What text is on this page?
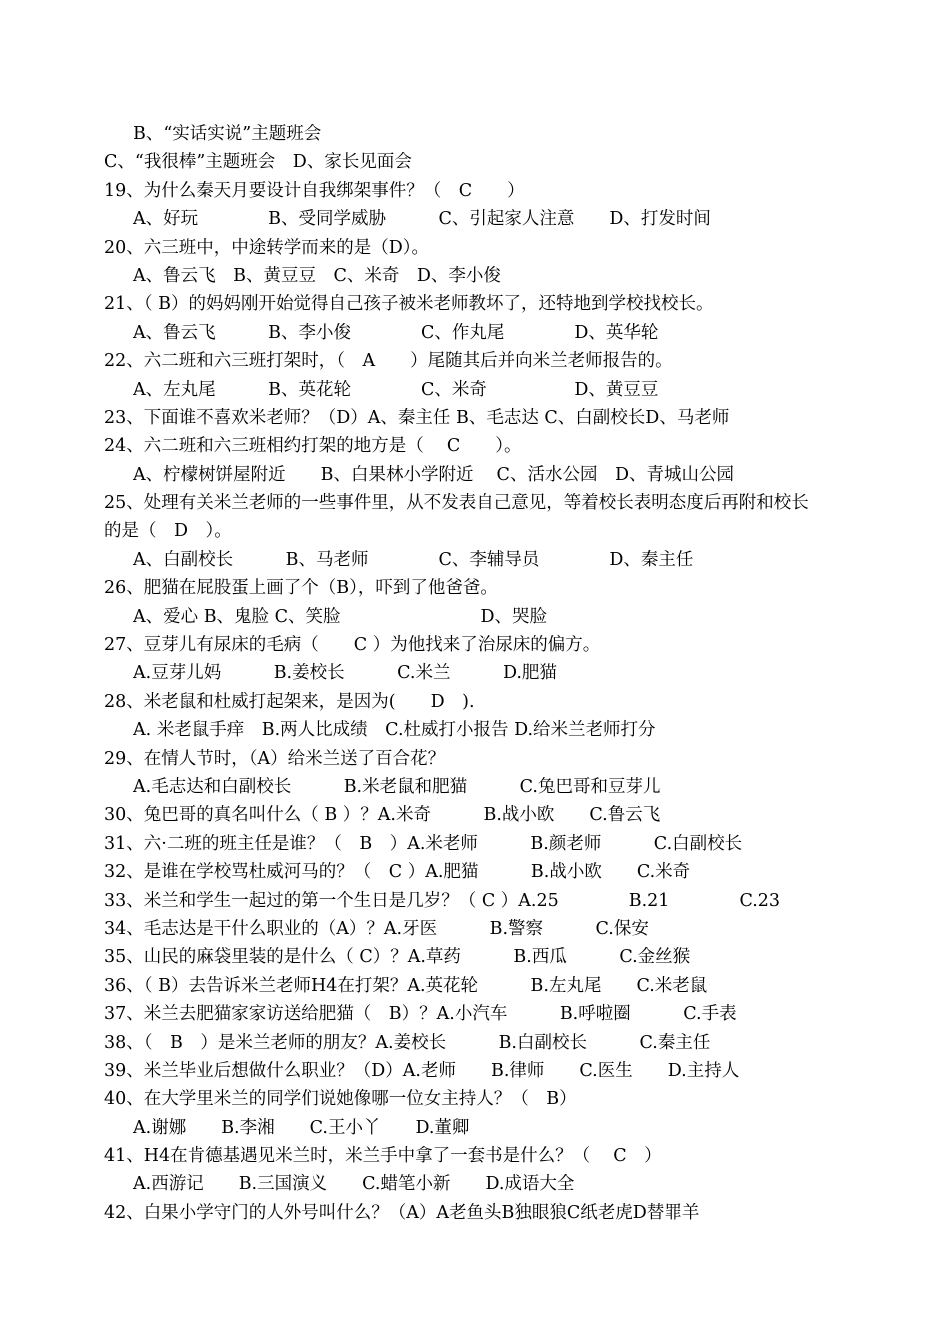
B、“实话实说”主题班会
C、“我很棒”主题班会　D、家长见面会
19、为什么秦天月要设计自我绑架事件？（　C　　）
A、好玩　　　　B、受同学威胁　　　C、引起家人注意　　D、打发时间
20、六三班中，中途转学而来的是（D）。
A、鲁云飞　B、黄豆豆　C、米奇　D、李小俊
21、（ B）的妈妈刚开始觉得自己孩子被米老师教坏了，还特地到学校找校长。
A、鲁云飞　　　B、李小俊　　　　C、作丸尾　　　　D、英华轮
22、六二班和六三班打架时，（　A　　）尾随其后并向米兰老师报告的。
A、左丸尾　　　B、英花轮　　　　C、米奇　　　　　D、黄豆豆
23、下面谁不喜欢米老师？（D）A、秦主任 B、毛志达 C、白副校长D、马老师
24、六二班和六三班相约打架的地方是（　 C　　）。
A、柠檬树饼屋附近　　B、白果林小学附近　 C、活水公园　D、青城山公园
25、处理有关米兰老师的一些事件里，从不发表自己意见，等着校长表明态度后再附和校长
的是（　D　）。
A、白副校长　　　B、马老师　　　　C、李辅导员　　　　D、秦主任
26、肥猫在屁股蛋上画了个（B），吓到了他爸爸。
A、爱心 B、鬼脸 C、笑脸　　　　　　　　D、哭脸
27、豆芽儿有尿床的毛病（　　C ）为他找来了治尿床的偏方。
A.豆芽儿妈　　　B.姜校长　　　C.米兰　　　D.肥猫
28、米老鼠和杜威打起架来，是因为(　　D　).
A. 米老鼠手痒　B.两人比成绩　C.杜威打小报告 D.给米兰老师打分
29、在情人节时，（A）给米兰送了百合花？
A.毛志达和白副校长　　　B.米老鼠和肥猫　　　C.兔巴哥和豆芽儿
30、兔巴哥的真名叫什么（ B ）？A.米奇　　　B.战小欧　　C.鲁云飞
31、六·二班的班主任是谁？（　B　）A.米老师　　　B.颜老师　　　C.白副校长
32、是谁在学校骂杜威河马的？（　C ）A.肥猫　　　B.战小欧　　C.米奇
33、米兰和学生一起过的第一个生日是几岁？（ C ）A.25　　　　B.21　　　　C.23
34、毛志达是干什么职业的（A）？A.牙医　　　B.警察　　　C.保安
35、山民的麻袋里装的是什么（ C）？A.草药　　　B.西瓜　　　C.金丝猴
36、（ B）去告诉米兰老师H4在打架？A.英花轮　　　B.左丸尾　　C.米老鼠
37、米兰去肥猫家家访送给肥猫（　B）？A.小汽车　　　B.呼啦圈　　　C.手表
38、（　B　）是米兰老师的朋友？A.姜校长　　　B.白副校长　　　C.秦主任
39、米兰毕业后想做什么职业？（D）A.老师　　B.律师　　C.医生　　D.主持人
40、在大学里米兰的同学们说她像哪一位女主持人？（　B）
A.谢娜　　B.李湘　　C.王小丫　　D.董卿
41、H4在肯德基遇见米兰时，米兰手中拿了一套书是什么？（　 C　）
A.西游记　　B.三国演义　　C.蜡笔小新　　D.成语大全
42、白果小学守门的人外号叫什么？（A）A老鱼头B独眼狼C纸老虎D替罪羊
